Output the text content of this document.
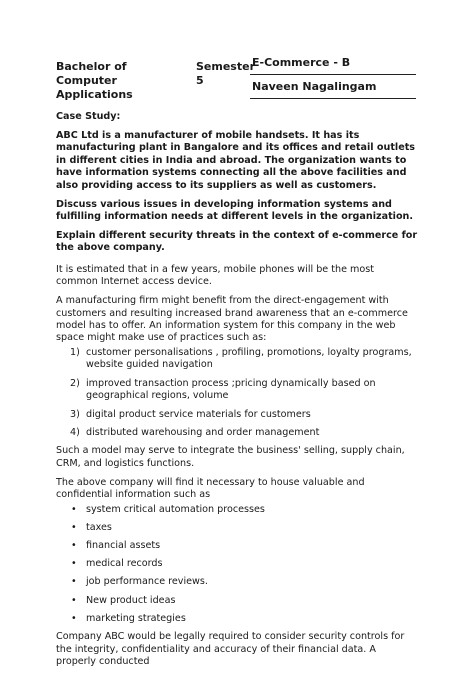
Bachelor of Computer Applications
Semester 5
E-Commerce - B
Naveen Nagalingam

Case Study:

ABC Ltd is a manufacturer of mobile handsets. It has its manufacturing plant in Bangalore and its offices and retail outlets in different cities in India and abroad. The organization wants to have information systems connecting all the above facilities and also providing access to its suppliers as well as customers.

Discuss various issues in developing information systems and fulfilling information needs at different levels in the organization.

Explain different security threats in the context of e-commerce for the above company.

It is estimated that in a few years, mobile phones will be the most common Internet access device.

A manufacturing firm might benefit from the direct-engagement with customers and resulting increased brand awareness that an e-commerce model has to offer. An information system for this company in the web space might make use of practices such as:

1) customer personalisations , profiling, promotions, loyalty programs, website guided navigation
2) improved transaction process ;pricing dynamically based on geographical regions, volume
3) digital product service materials for customers
4) distributed warehousing and order management

Such a model may serve to integrate the business' selling, supply chain, CRM, and logistics functions.

The above company will find it necessary to house valuable and confidential information such as

• system critical automation processes
• taxes
• financial assets
• medical records
• job performance reviews.
• New product ideas
• marketing strategies

Company ABC would be legally required to consider security controls for the integrity, confidentiality and accuracy of their financial data. A properly conducted
